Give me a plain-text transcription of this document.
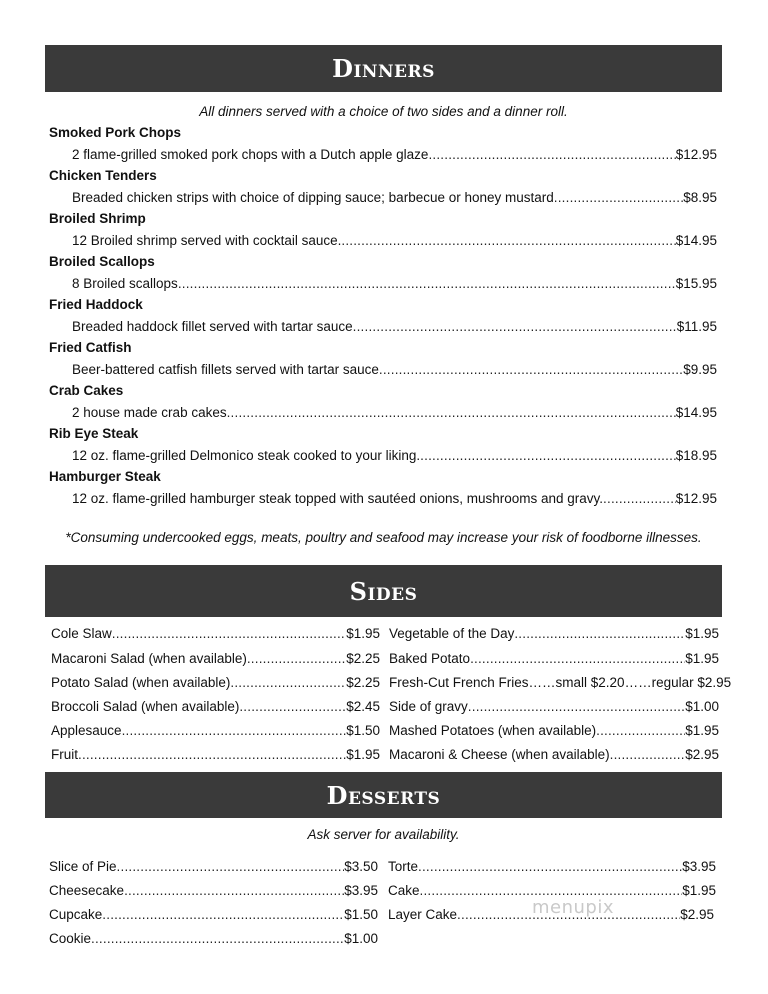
Dinners
All dinners served with a choice of two sides and a dinner roll.
Smoked Pork Chops
2 flame-grilled smoked pork chops with a Dutch apple glaze .....	$12.95
Chicken Tenders
Breaded chicken strips with choice of dipping sauce; barbecue or honey mustard .....	$8.95
Broiled Shrimp
12 Broiled shrimp served with cocktail sauce. .....	$14.95
Broiled Scallops
8 Broiled scallops .....	$15.95
Fried Haddock
Breaded haddock fillet served with tartar sauce .....	$11.95
Fried Catfish
Beer-battered catfish fillets served with tartar sauce .....	$9.95
Crab Cakes
2 house made crab cakes .....	$14.95
Rib Eye Steak
12 oz. flame-grilled Delmonico steak cooked to your liking. .....	$18.95
Hamburger Steak
12 oz. flame-grilled hamburger steak topped with sautéed onions, mushrooms and gravy. .....	$12.95
*Consuming undercooked eggs, meats, poultry and seafood may increase your risk of foodborne illnesses.
Sides
Cole Slaw .....	$1.95
Macaroni Salad (when available) .....	$2.25
Potato Salad (when available) .....	$2.25
Broccoli Salad (when available) .....	$2.45
Applesauce .....	$1.50
Fruit .....	$1.95
Vegetable of the Day .....	$1.95
Baked Potato .....	$1.95
Fresh-Cut French Fries …… small $2.20……regular $2.95
Side of gravy .....	$1.00
Mashed Potatoes (when available) .....	$1.95
Macaroni & Cheese (when available) .....	$2.95
Desserts
Ask server for availability.
Slice of Pie .....	$3.50
Cheesecake .....	$3.95
Cupcake .....	$1.50
Cookie .....	$1.00
Torte .....	$3.95
Cake .....	$1.95
Layer Cake .....	$2.95
menupix
